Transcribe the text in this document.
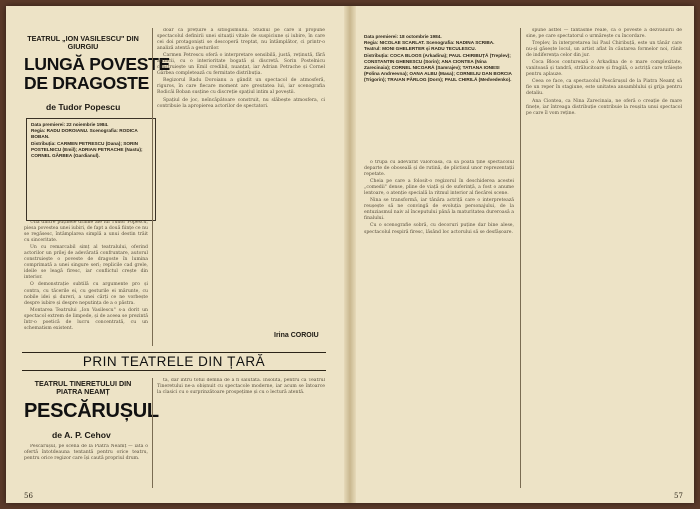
TEATRUL „ION VASILESCU" DIN GIURGIU
LUNGĂ POVESTE
DE DRAGOSTE
de Tudor Popescu
Data premierei: 22 noiembrie 1984.
Regia: RADU DOROIANU. Scenografia: RODICA BOBAN.
Distribuția: CARMEN PETRESCU (Dana); SORIN POSTELNICU (Emil); ADRIAN PETRACHE (Nastu); CORNEL GÂRBEA (Gardianul).

Una dintre puținele drame ale lui Tudor Popescu, piesa povestea unei iubiri, de fapt a două ființe ce nu se regăsesc, întâmplarea simplă a unui destin trăit cu sinceritate.

Un cu remarcabil simț al teatralului, oferind actorilor un prilej de adevărată confruntare, autorul construiește o poveste de dragoste în lumina comprimată a unei singure seri; replicile cad grele, ideile se leagă firesc, iar conflictul crește din interior.

O demonstrație subtilă cu argumente pro și contra, cu tăcerile ei, cu gesturile ei mărunte, cu nobile idei și dureri, a unei cărți ce ne vorbește despre iubire și despre neputința de a o păstra.

Montarea Teatrului „Ion Vasilescu" s-a dorit un spectacol extrem de limpede, și de aceea se prezintă într-o poetică de lucru concentrată, cu un schematism existent.

doar ca prețuire a sitlogismului. Studiul pe care îl propune spectacolul definirii unei situații vitale de suspiciune și iubire, în care cei doi protagoniști se descoperă treptat, nu întâmplător, ci printr-o analiză atentă a gesturilor.

Carmen Petrescu oferă o interpretare sensibilă, justă, reținută, fără artificii, cu o interioritate bogată și discretă. Sorin Postelnicu construiește un Emil credibil, nuanțat, iar Adrian Petrache și Cornel Gârbea completează cu fermitate distribuția.

Regizorul Radu Doroianu a gândit un spectacol de atmosferă, riguros, în care fiecare moment are greutatea lui, iar scenografia Rodicăi Boban susține cu discreție spațiul intim al poveștii.

Spațiul de joc, neîncăpătoare construit, nu slăbește atmosfera, ci contribuie la apropierea actorilor de spectatori.

Irina COROIU
PRIN TEATRELE DIN ȚARĂ
TEATRUL TINERETULUI DIN PIATRA NEAMȚ
PESCĂRUȘUL
de A. P. Cehov

Pescărușul, pe scena de la Piatra Neamț — iată o ofertă întotdeauna tentantă pentru orice teatru, pentru orice regizor care își caută propriul drum.

tă, dar intru totul demnă de a fi salutată. Insolită, pentru că Teatrul Tineretului ne-a obișnuit cu spectacole moderne, iar acum se întoarce la clasici cu o surprinzătoare prospețime și cu o lectură atentă.

56
Data premierei: 18 octombrie 1984.
Regia: NICOLAE SCARLAT. Scenografia: NADINA SCRIBA. Teatrul: MONI GHELERTER și RADU TECULESCU.
Distribuția: COCA BLOOS (Arkadina); PAUL CHIRIBUȚĂ (Treplev); CONSTANTIN GHENESCU (Sorin); ANA CIONTEA (Nina Zarecinaia); CORNEL NICOARĂ (Samrajev); TATIANA IONESI (Polina Andreevna); OANA ALBU (Masa); CORNELIU DAN BORCIA (Trigorin); TRAIAN PÂRLOG (Dorn); PAUL CHIRILĂ (Medvedenko).

o trupă cu adevărat valoroasă, ca să poată ține spectacolul departe de oboseală și de rutină, de plictisul unor reprezentații repetate.

Cheia pe care a folosit-o regizorul în deschiderea acestei „comedii" dense, pline de viață și de suferință, a fost o anume lentoare, o atenție specială la ritmul interior al fiecărei scene.

Nina se transformă, iar tânăra actriță care o interpretează reușește să ne convingă de evoluția personajului, de la entuziasmul naiv al începutului până la maturitatea dureroasă a finalului.

Cu o scenografie sobră, cu decoruri puține dar bine alese, spectacolul respiră firesc, lăsând loc actorului să se desfășoare.

spune astfel — fantasme reale, ca o poveste a dezvăluirii de sine, pe care spectatorul o urmărește cu încordare.

Treplev, în interpretarea lui Paul Chiribuță, este un tânăr care nu-și găsește locul, un artist aflat în căutarea formelor noi, rănit de indiferența celor din jur.

Coca Bloos conturează o Arkadina de o mare complexitate, vanitoasă și tandră, strălucitoare și fragilă, o actriță care trăiește pentru aplauze.

Ceea ce face, ca spectacolul Pescărușul de la Piatra Neamț să fie un reper în stagiune, este unitatea ansamblului și grija pentru detaliu.

Ana Ciontea, ca Nina Zarecinaia, ne oferă o creație de mare finețe, iar întreaga distribuție contribuie la reușita unui spectacol pe care îl vom reține.

57
